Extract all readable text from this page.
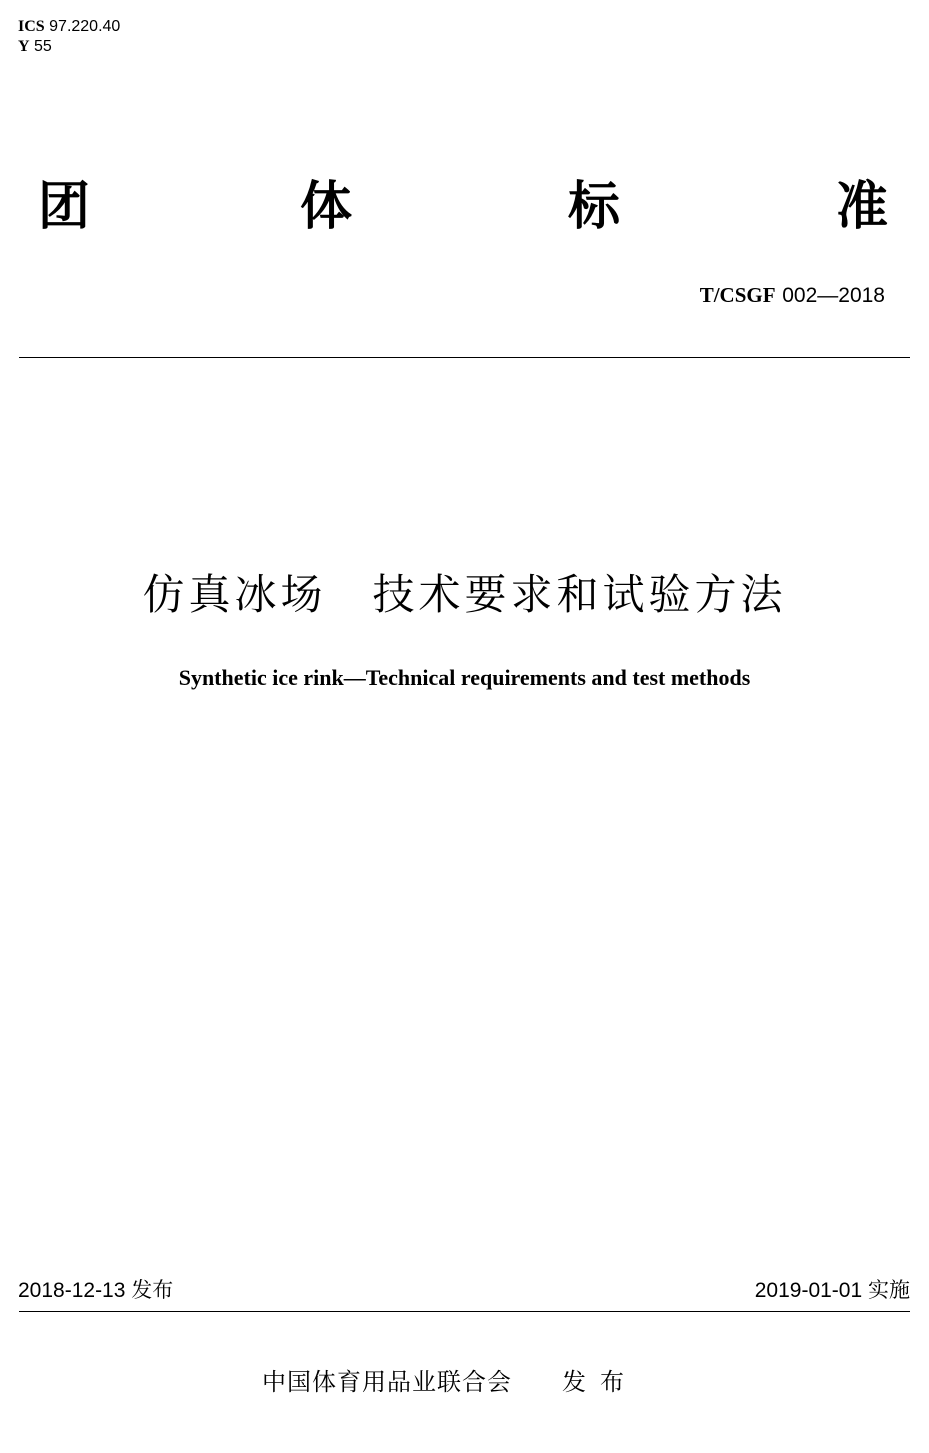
ICS 97.220.40
Y 55
团	体	标	准
T/CSGF 002—2018
仿真冰场 技术要求和试验方法
Synthetic ice rink—Technical requirements and test methods
2018-12-13 发布	2019-01-01 实施
中国体育用品业联合会 发布
